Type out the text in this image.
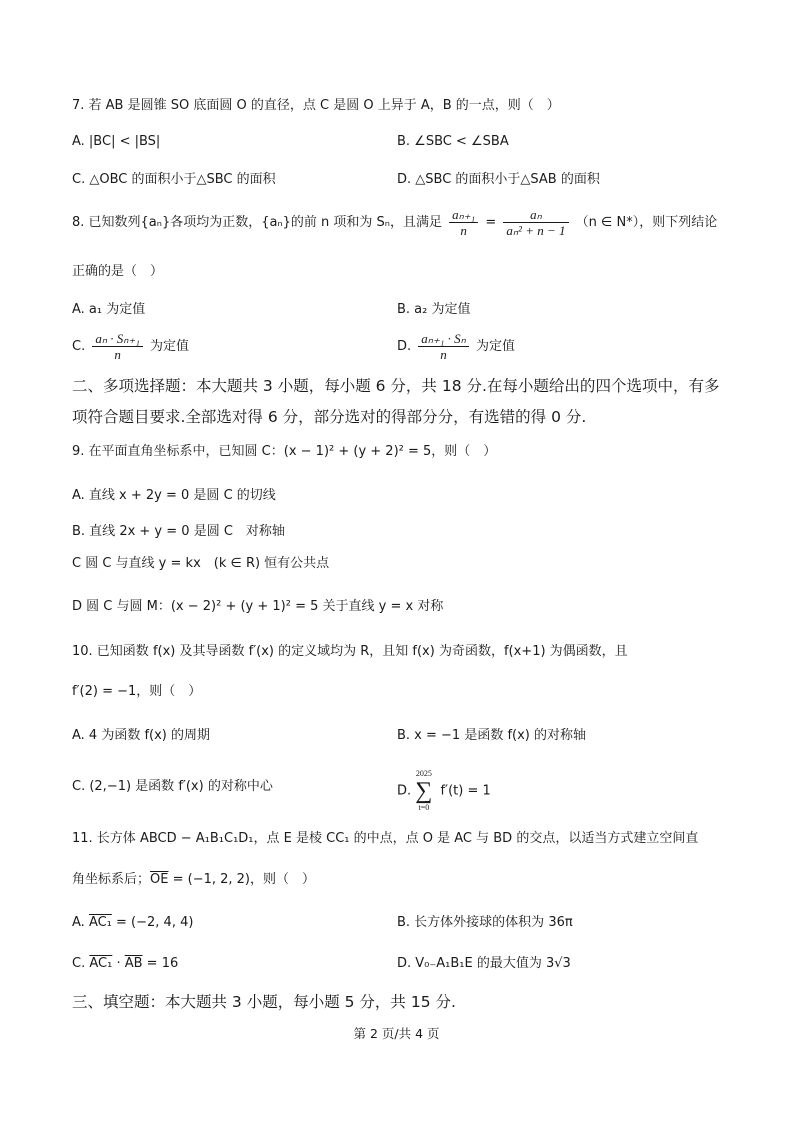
7. 若 AB 是圆锥 SO 底面圆 O 的直径，点 C 是圆 O 上异于 A，B 的一点，则（　）
A. |BC| < |BS|	B. ∠SBC < ∠SBA
C. △OBC 的面积小于△SBC 的面积	D. △SBC 的面积小于△SAB 的面积
8. 已知数列{aₙ}各项均为正数，{aₙ}的前 n 项和为 Sₙ，且满足 $\frac{\text{aₙ₊₁}}{n} = \frac{\text{aₙ}}{\text{aₙ² + n − 1}} (n$ ∈ N*），则下列结论
正确的是（　）
A. a₁ 为定值	B. a₂ 为定值
C. $\frac{\text{aₙ · Sₙ₊₁}}{n}$ 为定值	D. $\frac{\text{aₙ₊₁ · Sₙ}}{n}$ 为定值
二、多项选择题：本大题共 3 小题，每小题 6 分，共 18 分.在每小题给出的四个选项中，有多
项符合题目要求.全部选对得 6 分，部分选对的得部分分，有选错的得 0 分.
9. 在平面直角坐标系中，已知圆 C：(x − 1)² + (y + 2)² = 5，则（　）
A. 直线 x + 2y = 0 是圆 C 的切线
B. 直线 2x + y = 0 是圆 C　对称轴
C 圆 C 与直线 y = kx　(k ∈ R) 恒有公共点
D 圆 C 与圆 M：(x − 2)² + (y + 1)² = 5 关于直线 y = x 对称
10. 已知函数 f(x) 及其导函数 f′(x) 的定义域均为 R，且知 f(x) 为奇函数，f(x+1) 为偶函数，且
f′(2) = −1，则（　）
A. 4 为函数 f(x) 的周期	B. x = −1 是函数 f(x) 的对称轴
C. (2,−1) 是函数 f′(x) 的对称中心	D.
2025
∑
t=0
f′(t) = 1
11. 长方体 ABCD − A₁B₁C₁D₁，点 E 是棱 CC₁ 的中点，点 O 是 AC 与 BD 的交点，以适当方式建立空间直
角坐标系后；$\overline{OE} = (-1$, 2, 2)，则（　）
A. AC₁ = (−2, 4, 4)	B. 长方体外接球的体积为 36π
C. $AC_1 \cdot \overline{AB} = 16$	D. V₀₋A₁B₁E 的最大值为 3√3
三、填空题：本大题共 3 小题，每小题 5 分，共 15 分.
第 2 页/共 4 页
